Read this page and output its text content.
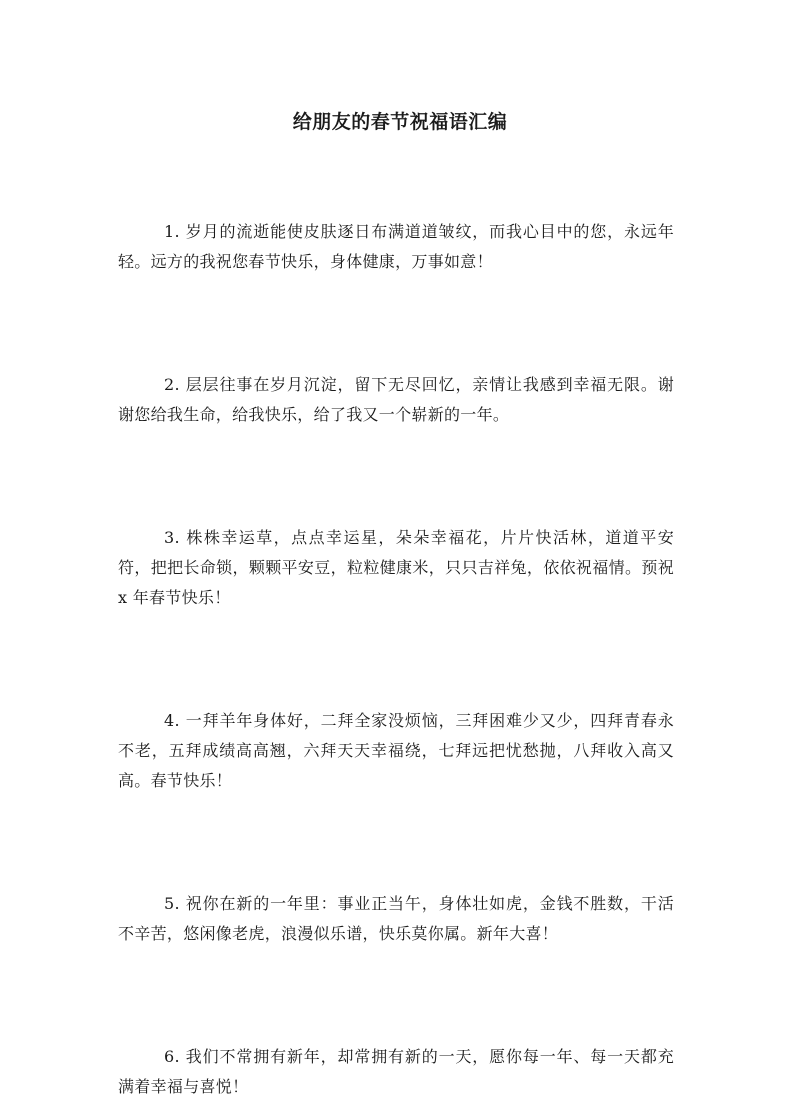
给朋友的春节祝福语汇编

1. 岁月的流逝能使皮肤逐日布满道道皱纹，而我心目中的您，永远年轻。远方的我祝您春节快乐，身体健康，万事如意！

2. 层层往事在岁月沉淀，留下无尽回忆，亲情让我感到幸福无限。谢谢您给我生命，给我快乐，给了我又一个崭新的一年。

3. 株株幸运草，点点幸运星，朵朵幸福花，片片快活林，道道平安符，把把长命锁，颗颗平安豆，粒粒健康米，只只吉祥兔，依依祝福情。预祝 x 年春节快乐！

4. 一拜羊年身体好，二拜全家没烦恼，三拜困难少又少，四拜青春永不老，五拜成绩高高翘，六拜天天幸福绕，七拜远把忧愁抛，八拜收入高又高。春节快乐！

5. 祝你在新的一年里：事业正当午，身体壮如虎，金钱不胜数，干活不辛苦，悠闲像老虎，浪漫似乐谱，快乐莫你属。新年大喜！

6. 我们不常拥有新年，却常拥有新的一天，愿你每一年、每一天都充满着幸福与喜悦！
